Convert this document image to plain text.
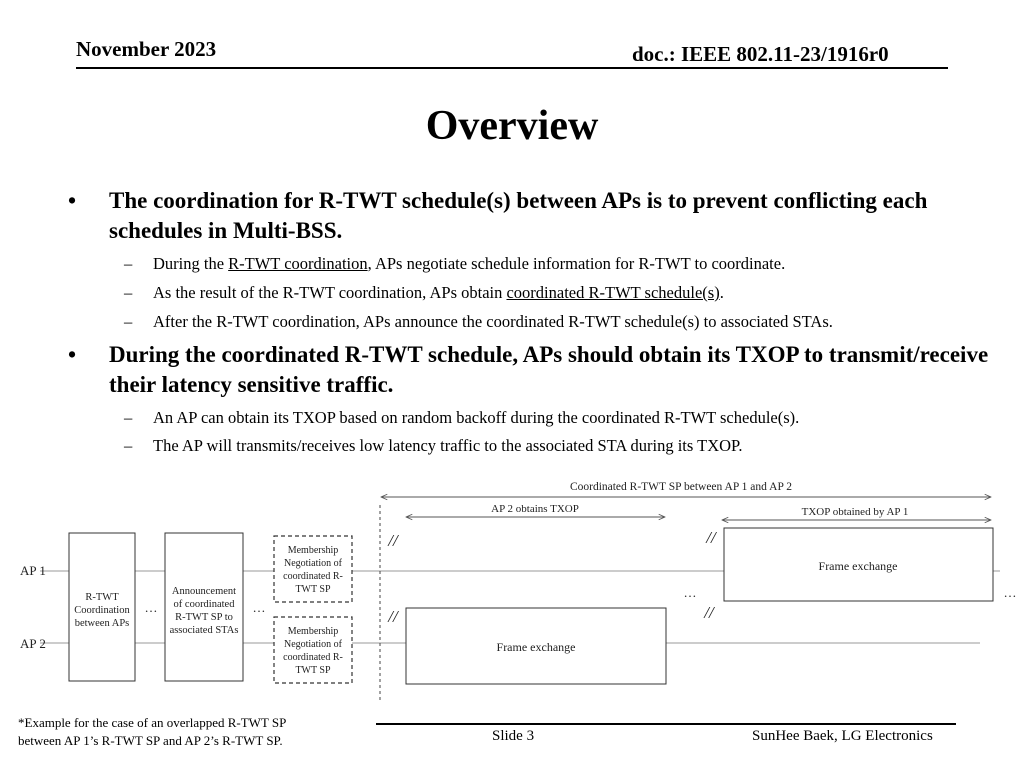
November 2023	doc.: IEEE 802.11-23/1916r0
Overview
• The coordination for R-TWT schedule(s) between APs is to prevent conflicting each schedules in Multi-BSS.
– During the R-TWT coordination, APs negotiate schedule information for R-TWT to coordinate.
– As the result of the R-TWT coordination, APs obtain coordinated R-TWT schedule(s).
– After the R-TWT coordination, APs announce the coordinated R-TWT schedule(s) to associated STAs.
• During the coordinated R-TWT schedule, APs should obtain its TXOP to transmit/receive their latency sensitive traffic.
– An AP can obtain its TXOP based on random backoff during the coordinated R-TWT schedule(s).
– The AP will transmits/receives low latency traffic to the associated STA during its TXOP.
AP 1
AP 2
R-TWT
Coordination
between APs
…
Announcement
of coordinated
R-TWT SP to
associated STAs
…
Membership
Negotiation of
coordinated R-
TWT SP
Membership
Negotiation of
coordinated R-
TWT SP
Coordinated R-TWT SP between AP 1 and AP 2
AP 2 obtains TXOP	TXOP obtained by AP 1
//
//
//
//
Frame exchange
Frame exchange
…	…
*Example for the case of an overlapped R-TWT SP
between AP 1’s R-TWT SP and AP 2’s R-TWT SP.	Slide 3	SunHee Baek, LG Electronics
